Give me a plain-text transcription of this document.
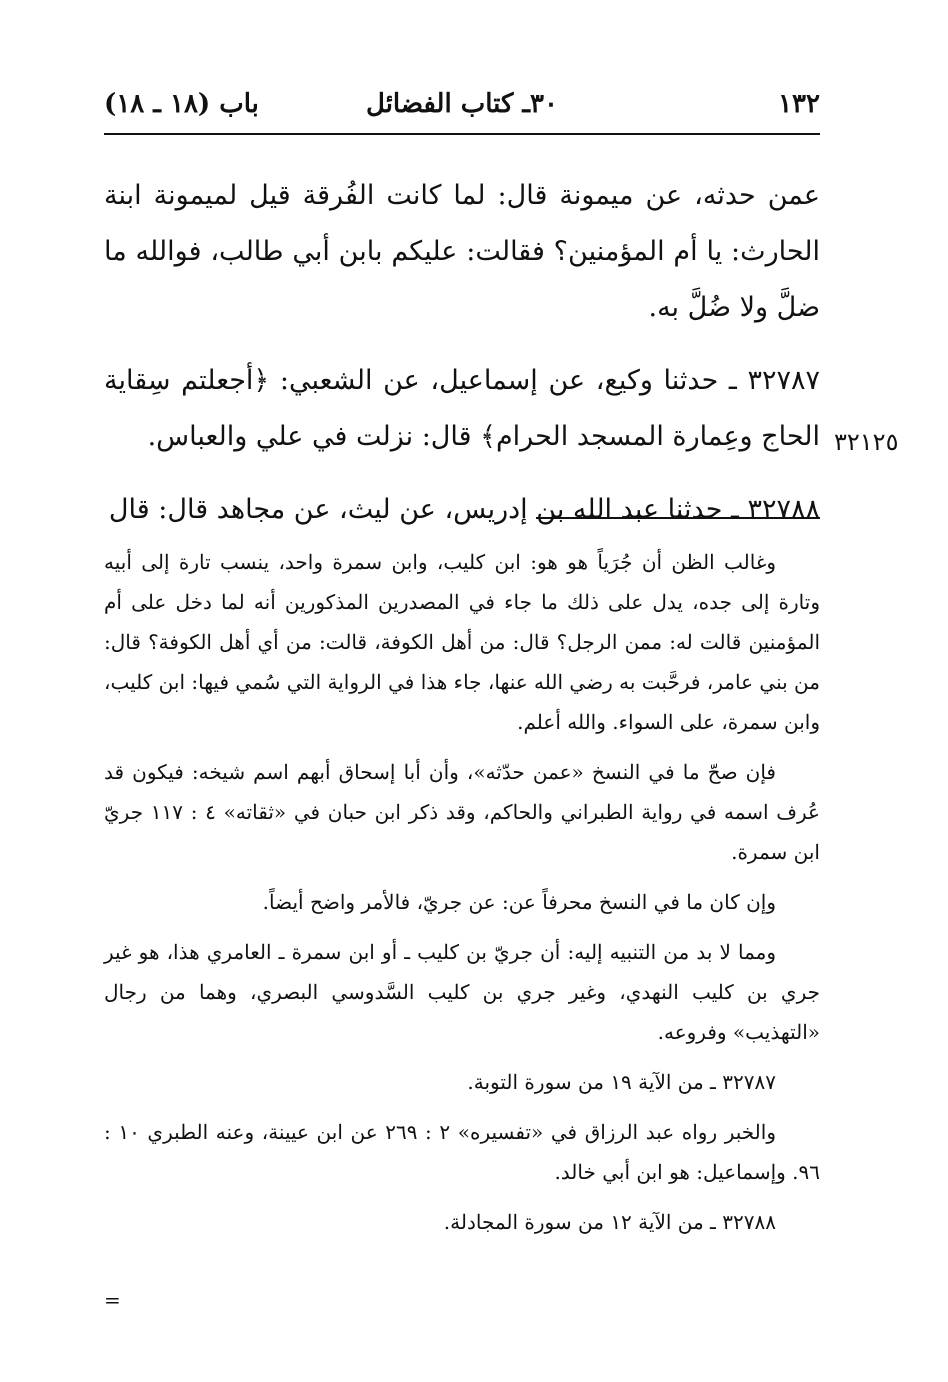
١٣٢
٣٠ـ كتاب الفضائل
باب (١٨ ـ ١٨)

عمن حدثه، عن ميمونة قال: لما كانت الفُرقة قيل لميمونة ابنة الحارث: يا أم المؤمنين؟ فقالت: عليكم بابن أبي طالب، فوالله ما ضلَّ ولا ضُلَّ به.

٣٢٧٨٧ ـ حدثنا وكيع، عن إسماعيل، عن الشعبي: ﴿أجعلتم سِقاية الحاج وعِمارة المسجد الحرام﴾ قال: نزلت في علي والعباس.

٣٢٧٨٨ ـ حدثنا عبد الله بن إدريس، عن ليث، عن مجاهد قال: قال

٣٢١٢٥

وغالب الظن أن جُرَياً هو هو: ابن كليب، وابن سمرة واحد، ينسب تارة إلى أبيه وتارة إلى جده، يدل على ذلك ما جاء في المصدرين المذكورين أنه لما دخل على أم المؤمنين قالت له: ممن الرجل؟ قال: من أهل الكوفة، قالت: من أي أهل الكوفة؟ قال: من بني عامر، فرحَّبت به رضي الله عنها، جاء هذا في الرواية التي سُمي فيها: ابن كليب، وابن سمرة، على السواء. والله أعلم.

فإن صحّ ما في النسخ «عمن حدّثه»، وأن أبا إسحاق أبهم اسم شيخه: فيكون قد عُرف اسمه في رواية الطبراني والحاكم، وقد ذكر ابن حبان في «ثقاته» ٤ : ١١٧ جريّ ابن سمرة.

وإن كان ما في النسخ محرفاً عن: عن جريّ، فالأمر واضح أيضاً.

ومما لا بد من التنبيه إليه: أن جريّ بن كليب ـ أو ابن سمرة ـ العامري هذا، هو غير جري بن كليب النهدي، وغير جري بن كليب السَّدوسي البصري، وهما من رجال «التهذيب» وفروعه.

٣٢٧٨٧ ـ من الآية ١٩ من سورة التوبة.

والخبر رواه عبد الرزاق في «تفسيره» ٢ : ٢٦٩ عن ابن عيينة، وعنه الطبري ١٠ : ٩٦. وإسماعيل: هو ابن أبي خالد.

٣٢٧٨٨ ـ من الآية ١٢ من سورة المجادلة.

=
